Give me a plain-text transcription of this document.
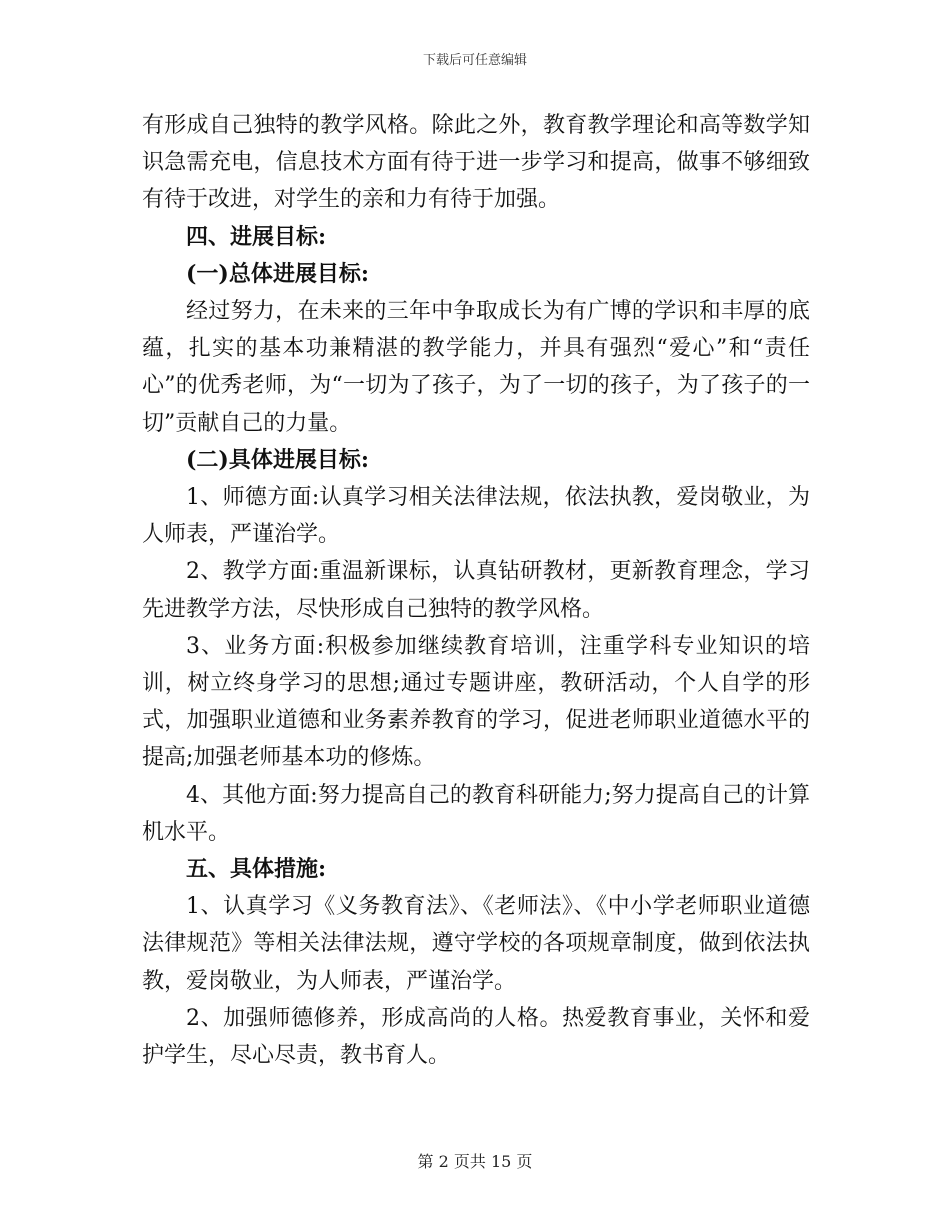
下载后可任意编辑

有形成自己独特的教学风格。除此之外，教育教学理论和高等数学知识急需充电，信息技术方面有待于进一步学习和提高，做事不够细致有待于改进，对学生的亲和力有待于加强。

四、进展目标:

(一)总体进展目标:

经过努力，在未来的三年中争取成长为有广博的学识和丰厚的底蕴，扎实的基本功兼精湛的教学能力，并具有强烈“爱心”和“责任心”的优秀老师，为“一切为了孩子，为了一切的孩子，为了孩子的一切”贡献自己的力量。

(二)具体进展目标:

1、师德方面:认真学习相关法律法规，依法执教，爱岗敬业，为人师表，严谨治学。

2、教学方面:重温新课标，认真钻研教材，更新教育理念，学习先进教学方法，尽快形成自己独特的教学风格。

3、业务方面:积极参加继续教育培训，注重学科专业知识的培训，树立终身学习的思想;通过专题讲座，教研活动，个人自学的形式，加强职业道德和业务素养教育的学习，促进老师职业道德水平的提高;加强老师基本功的修炼。

4、其他方面:努力提高自己的教育科研能力;努力提高自己的计算机水平。

五、具体措施:

1、认真学习《义务教育法》、《老师法》、《中小学老师职业道德法律规范》等相关法律法规，遵守学校的各项规章制度，做到依法执教，爱岗敬业，为人师表，严谨治学。

2、加强师德修养，形成高尚的人格。热爱教育事业，关怀和爱护学生，尽心尽责，教书育人。

第 2 页共 15 页
